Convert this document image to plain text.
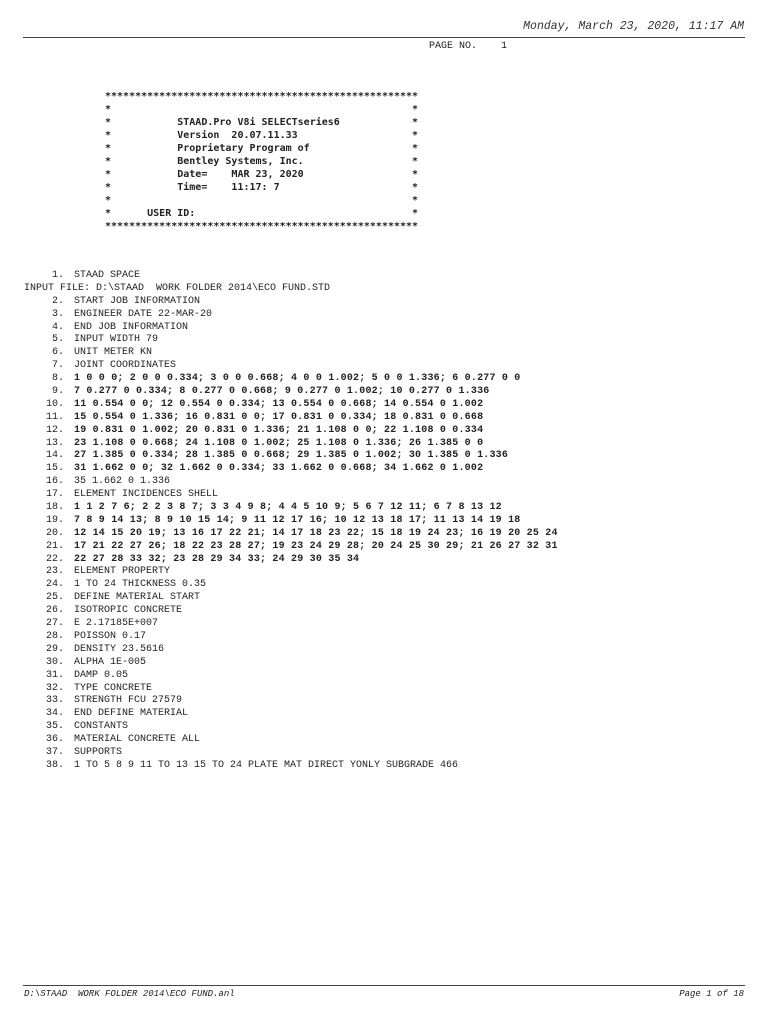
Monday, March 23, 2020, 11:17 AM
PAGE NO.    1
****************************************************
*                                                  *
*           STAAD.Pro V8i SELECTseries6            *
*           Version  20.07.11.33                   *
*           Proprietary Program of                 *
*           Bentley Systems, Inc.                  *
*           Date=    MAR 23, 2020                  *
*           Time=    11:17: 7                      *
*                                                  *
*      USER ID:                                    *
****************************************************

1. STAAD SPACE
INPUT FILE: D:\STAAD  WORK FOLDER 2014\ECO FUND.STD
2. START JOB INFORMATION
3. ENGINEER DATE 22-MAR-20
4. END JOB INFORMATION
5. INPUT WIDTH 79
6. UNIT METER KN
7. JOINT COORDINATES
8. 1 0 0 0; 2 0 0 0.334; 3 0 0 0.668; 4 0 0 1.002; 5 0 0 1.336; 6 0.277 0 0
9. 7 0.277 0 0.334; 8 0.277 0 0.668; 9 0.277 0 1.002; 10 0.277 0 1.336
10. 11 0.554 0 0; 12 0.554 0 0.334; 13 0.554 0 0.668; 14 0.554 0 1.002
11. 15 0.554 0 1.336; 16 0.831 0 0; 17 0.831 0 0.334; 18 0.831 0 0.668
12. 19 0.831 0 1.002; 20 0.831 0 1.336; 21 1.108 0 0; 22 1.108 0 0.334
13. 23 1.108 0 0.668; 24 1.108 0 1.002; 25 1.108 0 1.336; 26 1.385 0 0
14. 27 1.385 0 0.334; 28 1.385 0 0.668; 29 1.385 0 1.002; 30 1.385 0 1.336
15. 31 1.662 0 0; 32 1.662 0 0.334; 33 1.662 0 0.668; 34 1.662 0 1.002
16. 35 1.662 0 1.336
17. ELEMENT INCIDENCES SHELL
18. 1 1 2 7 6; 2 2 3 8 7; 3 3 4 9 8; 4 4 5 10 9; 5 6 7 12 11; 6 7 8 13 12
19. 7 8 9 14 13; 8 9 10 15 14; 9 11 12 17 16; 10 12 13 18 17; 11 13 14 19 18
20. 12 14 15 20 19; 13 16 17 22 21; 14 17 18 23 22; 15 18 19 24 23; 16 19 20 25 24
21. 17 21 22 27 26; 18 22 23 28 27; 19 23 24 29 28; 20 24 25 30 29; 21 26 27 32 31
22. 22 27 28 33 32; 23 28 29 34 33; 24 29 30 35 34
23. ELEMENT PROPERTY
24. 1 TO 24 THICKNESS 0.35
25. DEFINE MATERIAL START
26. ISOTROPIC CONCRETE
27. E 2.17185E+007
28. POISSON 0.17
29. DENSITY 23.5616
30. ALPHA 1E-005
31. DAMP 0.05
32. TYPE CONCRETE
33. STRENGTH FCU 27579
34. END DEFINE MATERIAL
35. CONSTANTS
36. MATERIAL CONCRETE ALL
37. SUPPORTS
38. 1 TO 5 8 9 11 TO 13 15 TO 24 PLATE MAT DIRECT YONLY SUBGRADE 466
D:\STAAD  WORK FOLDER 2014\ECO FUND.anl	Page 1 of 18
